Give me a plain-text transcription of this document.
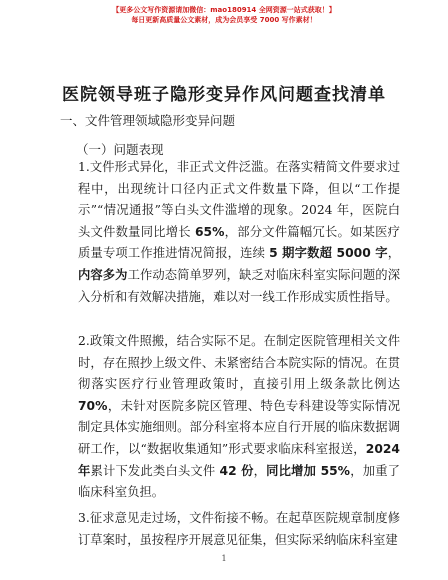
【更多公文写作资源请加微信：mao180914 全网资源一站式获取！】
每日更新高质量公文素材，成为会员享受 7000 写作素材！
医院领导班子隐形变异作风问题查找清单
一、文件管理领域隐形变异问题
（一）问题表现
1.文件形式异化，非正式文件泛滥。在落实精简文件要求过程中，出现统计口径内正式文件数量下降，但以“工作提示”“情况通报”等白头文件滥增的现象。2024 年，医院白头文件数量同比增长 65%，部分文件篇幅冗长。如某医疗质量专项工作推进情况简报，连续 5 期字数超 5000 字，内容多为工作动态简单罗列，缺乏对临床科室实际问题的深入分析和有效解决措施，难以对一线工作形成实质性指导。
2.政策文件照搬，结合实际不足。在制定医院管理相关文件时，存在照抄上级文件、未紧密结合本院实际的情况。在贯彻落实医疗行业管理政策时，直接引用上级条款比例达 70%，未针对医院多院区管理、特色专科建设等实际情况制定具体实施细则。部分科室将本应自行开展的临床数据调研工作，以“数据收集通知”形式要求临床科室报送，2024 年累计下发此类白头文件 42 份，同比增加 55%，加重了临床科室负担。
3.征求意见走过场，文件衔接不畅。在起草医院规章制度修订草案时，虽按程序开展意见征集，但实际采纳临床科室建
1
